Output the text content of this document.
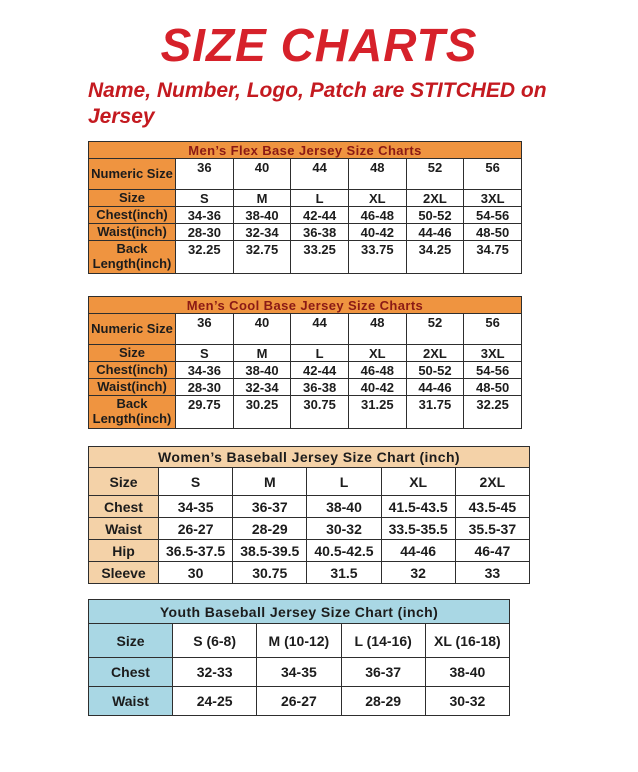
SIZE CHARTS
Name, Number, Logo, Patch are STITCHED on Jersey
Men’s Flex Base Jersey Size Charts						
Numeric Size	36	40	44	48	52	56
Size	S	M	L	XL	2XL	3XL
Chest(inch)	34-36	38-40	42-44	46-48	50-52	54-56
Waist(inch)	28-30	32-34	36-38	40-42	44-46	48-50
Back Length(inch)	32.25	32.75	33.25	33.75	34.25	34.75
Men’s Cool Base Jersey Size Charts						
Numeric Size	36	40	44	48	52	56
Size	S	M	L	XL	2XL	3XL
Chest(inch)	34-36	38-40	42-44	46-48	50-52	54-56
Waist(inch)	28-30	32-34	36-38	40-42	44-46	48-50
Back Length(inch)	29.75	30.25	30.75	31.25	31.75	32.25
Women’s Baseball Jersey Size Chart (inch)					
Size	S	M	L	XL	2XL
Chest	34-35	36-37	38-40	41.5-43.5	43.5-45
Waist	26-27	28-29	30-32	33.5-35.5	35.5-37
Hip	36.5-37.5	38.5-39.5	40.5-42.5	44-46	46-47
Sleeve	30	30.75	31.5	32	33
Youth Baseball Jersey Size Chart (inch)				
Size	S (6-8)	M (10-12)	L (14-16)	XL (16-18)
Chest	32-33	34-35	36-37	38-40
Waist	24-25	26-27	28-29	30-32
